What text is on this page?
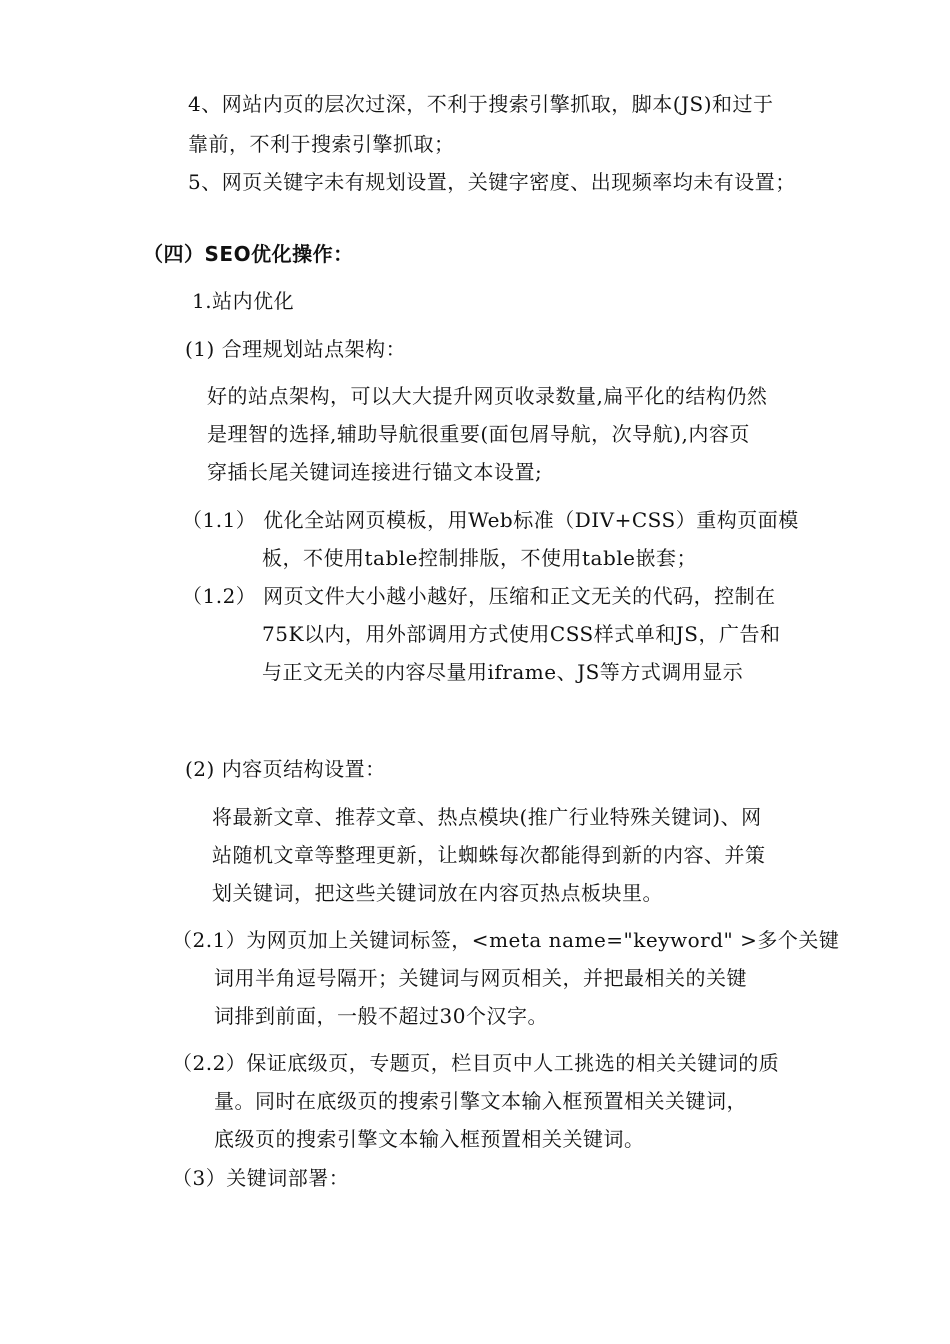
4、网站内页的层次过深，不利于搜索引擎抓取，脚本(JS)和过于
靠前，不利于搜索引擎抓取；
5、网页关键字未有规划设置，关键字密度、出现频率均未有设置；
（四）SEO优化操作：
1.站内优化
(1) 合理规划站点架构：
好的站点架构，可以大大提升网页收录数量,扁平化的结构仍然
是理智的选择,辅助导航很重要(面包屑导航，次导航),内容页
穿插长尾关键词连接进行锚文本设置;
（1.1） 优化全站网页模板，用Web标准（DIV+CSS）重构页面模
板，不使用table控制排版，不使用table嵌套；
（1.2） 网页文件大小越小越好，压缩和正文无关的代码，控制在
75K以内，用外部调用方式使用CSS样式单和JS，广告和
与正文无关的内容尽量用iframe、JS等方式调用显示
(2) 内容页结构设置：
将最新文章、推荐文章、热点模块(推广行业特殊关键词)、网
站随机文章等整理更新，让蜘蛛每次都能得到新的内容、并策
划关键词，把这些关键词放在内容页热点板块里。
（2.1）为网页加上关键词标签，<meta name="keyword" >多个关键
词用半角逗号隔开；关键词与网页相关，并把最相关的关键
词排到前面，一般不超过30个汉字。
（2.2）保证底级页，专题页，栏目页中人工挑选的相关关键词的质
量。同时在底级页的搜索引擎文本输入框预置相关关键词，
底级页的搜索引擎文本输入框预置相关关键词。
（3）关键词部署：
